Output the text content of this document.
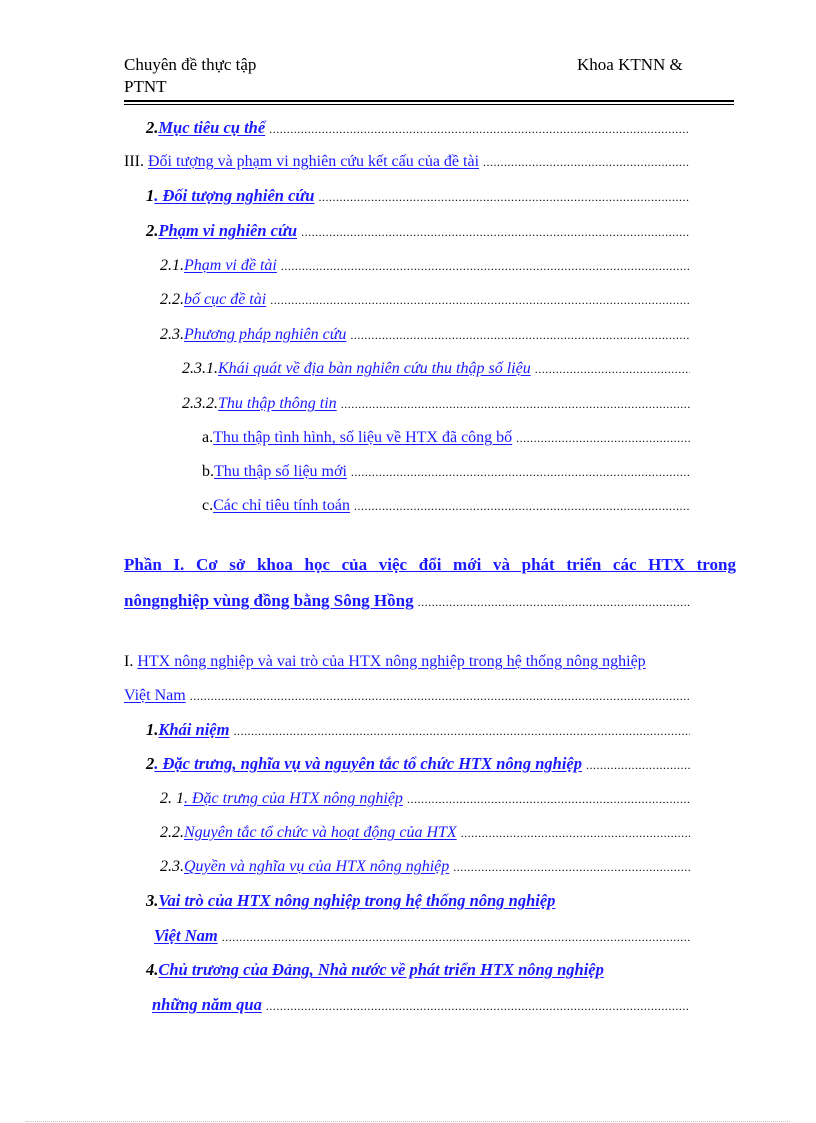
Chuyên đề thực tập
PTNT
Khoa KTNN &
2. Mục tiêu cụ thể
.....
III. Đối tượng và phạm vi nghiên cứu kết cấu của đề tài
.....
1 . Đối tượng nghiên cứu
.....
2. Phạm vi nghiên cứu
.....
2.1. Phạm vi đề tài
.....
2.2. bố cục đề tài
.....
2.3. Phương pháp nghiên cứu
.....
2.3.1. Khái quát về địa bàn nghiên cứu thu thập số liệu
.....
2.3.2. Thu thập thông tin
.....
a. Thu thập tình hình, số liệu về HTX đã công bố
.....
b. Thu thập số liệu mới
.....
c. Các chỉ tiêu tính toán
.....
nôngnghiệp vùng đồng bằng Sông Hồng
.....
Việt Nam
.....
1. Khái niệm
.....
2 . Đặc trưng, nghĩa vụ và nguyên tắc tổ chức HTX nông nghiệp
.....
2. 1 . Đặc trưng của HTX nông nghiệp
.....
2.2. Nguyên tắc tổ chức và hoạt động của HTX
.....
2.3. Quyền và nghĩa vụ của HTX nông nghiệp
.....
Việt Nam
.....
những năm qua
.....
Phần I. Cơ sở khoa học của việc đổi mới và phát triển các HTX trong
I. HTX nông nghiệp và vai trò của HTX nông nghiệp trong hệ thống nông nghiệp
3.Vai trò của HTX nông nghiệp trong hệ thống nông nghiệp
4.Chủ trương của Đảng, Nhà nước về phát triển HTX nông nghiệp
